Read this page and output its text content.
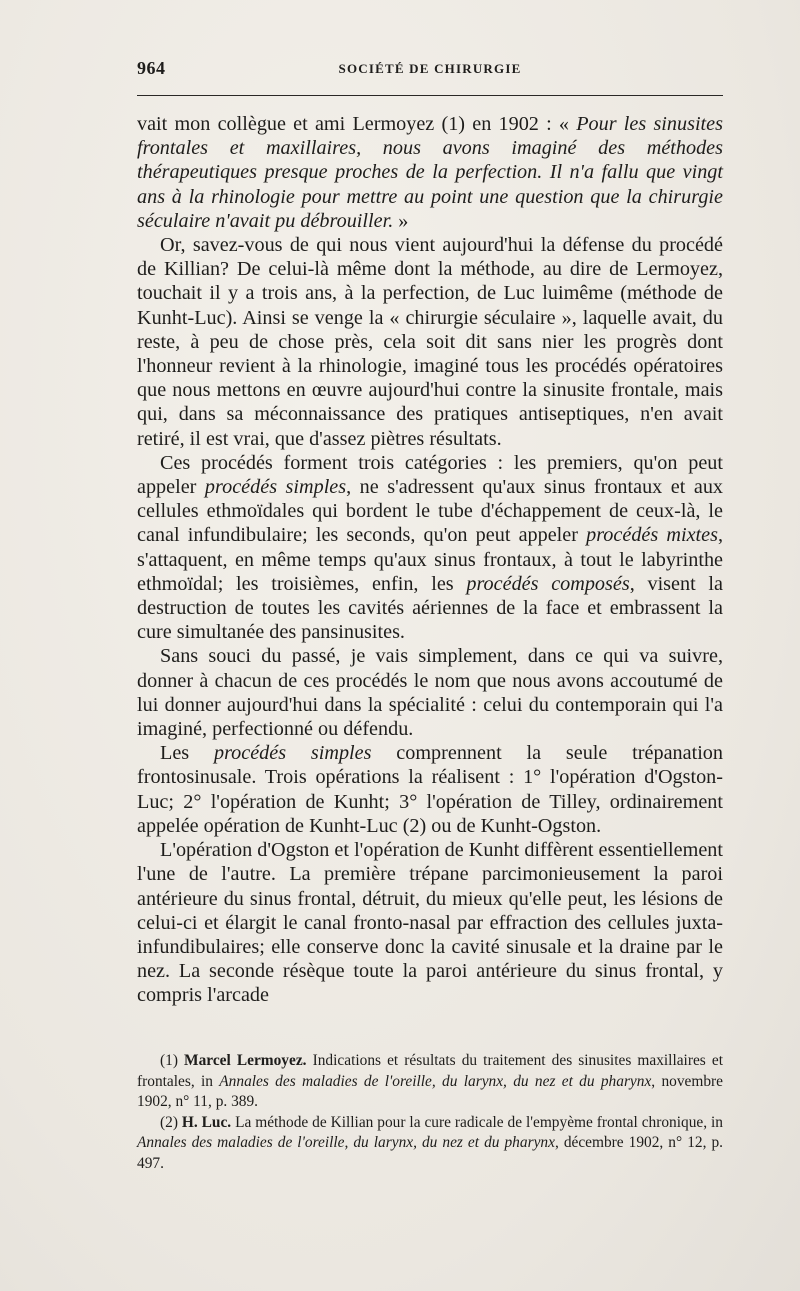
964	SOCIÉTÉ DE CHIRURGIE

vait mon collègue et ami Lermoyez (1) en 1902 : « Pour les sinusites frontales et maxillaires, nous avons imaginé des méthodes thérapeutiques presque proches de la perfection. Il n'a fallu que vingt ans à la rhinologie pour mettre au point une question que la chirurgie séculaire n'avait pu débrouiller. »

Or, savez-vous de qui nous vient aujourd'hui la défense du procédé de Killian? De celui-là même dont la méthode, au dire de Lermoyez, touchait il y a trois ans, à la perfection, de Luc luimême (méthode de Kunht-Luc). Ainsi se venge la « chirurgie séculaire », laquelle avait, du reste, à peu de chose près, cela soit dit sans nier les progrès dont l'honneur revient à la rhinologie, imaginé tous les procédés opératoires que nous mettons en œuvre aujourd'hui contre la sinusite frontale, mais qui, dans sa méconnaissance des pratiques antiseptiques, n'en avait retiré, il est vrai, que d'assez piètres résultats.

Ces procédés forment trois catégories : les premiers, qu'on peut appeler procédés simples, ne s'adressent qu'aux sinus frontaux et aux cellules ethmoïdales qui bordent le tube d'échappement de ceux-là, le canal infundibulaire; les seconds, qu'on peut appeler procédés mixtes, s'attaquent, en même temps qu'aux sinus frontaux, à tout le labyrinthe ethmoïdal; les troisièmes, enfin, les procédés composés, visent la destruction de toutes les cavités aériennes de la face et embrassent la cure simultanée des pansinusites.

Sans souci du passé, je vais simplement, dans ce qui va suivre, donner à chacun de ces procédés le nom que nous avons accoutumé de lui donner aujourd'hui dans la spécialité : celui du contemporain qui l'a imaginé, perfectionné ou défendu.

Les procédés simples comprennent la seule trépanation frontosinusale. Trois opérations la réalisent : 1° l'opération d'Ogston-Luc; 2° l'opération de Kunht; 3° l'opération de Tilley, ordinairement appelée opération de Kunht-Luc (2) ou de Kunht-Ogston.

L'opération d'Ogston et l'opération de Kunht diffèrent essentiellement l'une de l'autre. La première trépane parcimonieusement la paroi antérieure du sinus frontal, détruit, du mieux qu'elle peut, les lésions de celui-ci et élargit le canal fronto-nasal par effraction des cellules juxta-infundibulaires; elle conserve donc la cavité sinusale et la draine par le nez. La seconde résèque toute la paroi antérieure du sinus frontal, y compris l'arcade

(1) Marcel Lermoyez. Indications et résultats du traitement des sinusites maxillaires et frontales, in Annales des maladies de l'oreille, du larynx, du nez et du pharynx, novembre 1902, n° 11, p. 389.

(2) H. Luc. La méthode de Killian pour la cure radicale de l'empyème frontal chronique, in Annales des maladies de l'oreille, du larynx, du nez et du pharynx, décembre 1902, n° 12, p. 497.
